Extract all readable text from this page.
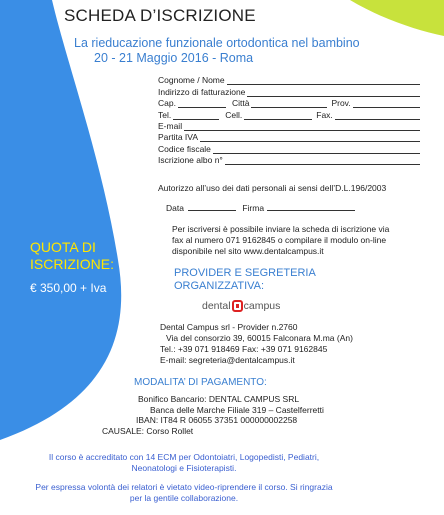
SCHEDA D’ISCRIZIONE
La rieducazione funzionale ortodontica nel bambino
20 - 21 Maggio 2016 - Roma
Cognome / Nome
Indirizzo di fatturazione
Cap.	Città	Prov.
Tel.	Cell.	Fax.
E-mail
Partita IVA
Codice fiscale
Iscrizione albo n°
Autorizzo all’uso dei dati personali ai sensi dell’D.L.196/2003
Data	Firma
Per iscriversi è possibile inviare la scheda di iscrizione via
fax al numero 071 9162845 o compilare il modulo on-line
disponibile nel sito www.dentalcampus.it
QUOTA DI
ISCRIZIONE:
€ 350,00 + Iva
PROVIDER E SEGRETERIA
ORGANIZZATIVA:
dental campus
Dental Campus srl - Provider n.2760
Via del consorzio 39, 60015 Falconara M.ma (An)
Tel.: +39 071 918469 Fax: +39 071 9162845
E-mail: segreteria@dentalcampus.it
MODALITA’ DI PAGAMENTO:
Bonifico Bancario: DENTAL CAMPUS SRL
Banca delle Marche Filiale 319 – Castelferretti
IBAN: IT84 R 06055 37351 000000002258
CAUSALE: Corso Rollet
Il corso è accreditato con 14 ECM per Odontoiatri, Logopedisti, Pediatri, Neonatologi e Fisioterapisti.
Per espressa volontà dei relatori è vietato video-riprendere il corso. Si ringrazia per la gentile collaborazione.
